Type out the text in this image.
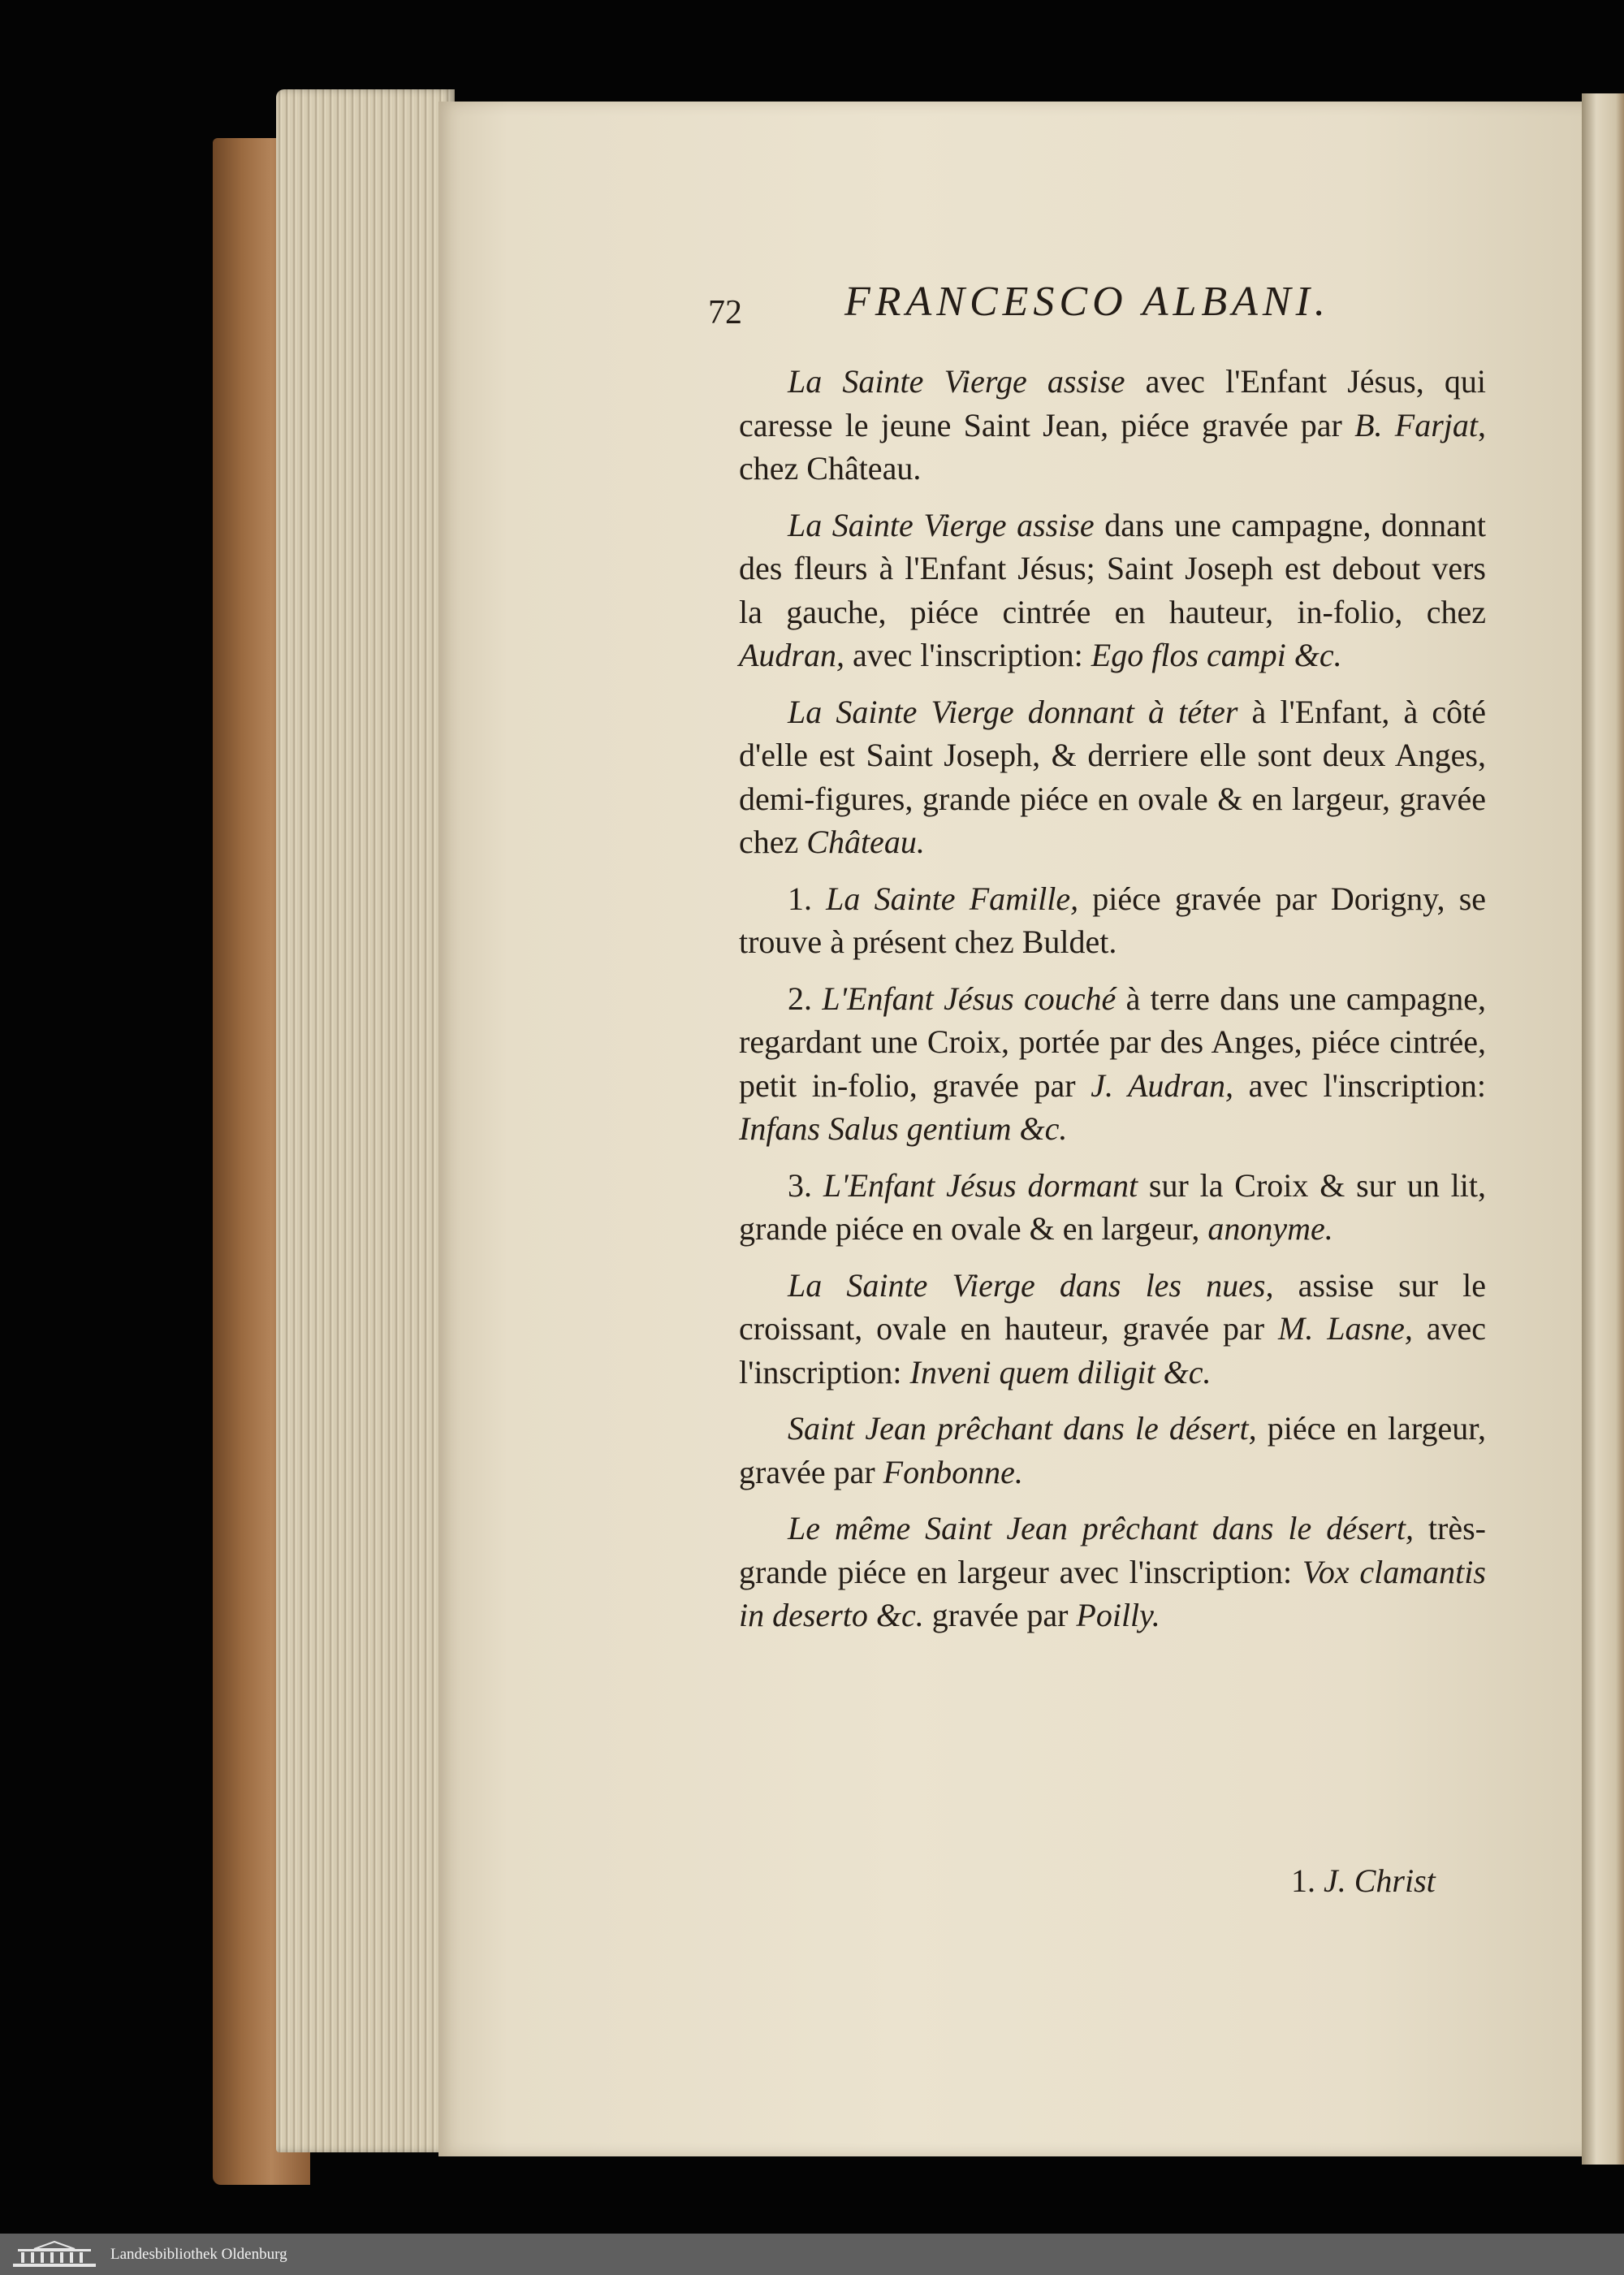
72 FRANCESCO ALBANI.

La Sainte Vierge assise avec l'Enfant Jésus, qui caresse le jeune Saint Jean, piéce gravée par B. Farjat, chez Château.

La Sainte Vierge assise dans une campagne, donnant des fleurs à l'Enfant Jésus; Saint Joseph est debout vers la gauche, piéce cintrée en hauteur, in-folio, chez Audran, avec l'inscription: Ego flos campi &c.

La Sainte Vierge donnant à téter à l'Enfant, à côté d'elle est Saint Joseph, & derriere elle sont deux Anges, demi-figures, grande piéce en ovale & en largeur, gravée chez Château.

1. La Sainte Famille, piéce gravée par Dorigny, se trouve à présent chez Buldet.

2. L'Enfant Jésus couché à terre dans une campagne, regardant une Croix, portée par des Anges, piéce cintrée, petit in-folio, gravée par J. Audran, avec l'inscription: Infans Salus gentium &c.

3. L'Enfant Jésus dormant sur la Croix & sur un lit, grande piéce en ovale & en largeur, anonyme.

La Sainte Vierge dans les nues, assise sur le croissant, ovale en hauteur, gravée par M. Lasne, avec l'inscription: Inveni quem diligit &c.

Saint Jean prêchant dans le désert, piéce en largeur, gravée par Fonbonne.

Le même Saint Jean prêchant dans le désert, très-grande piéce en largeur avec l'inscription: Vox clamantis in deserto &c. gravée par Poilly.

1. J. Christ
Landesbibliothek Oldenburg
